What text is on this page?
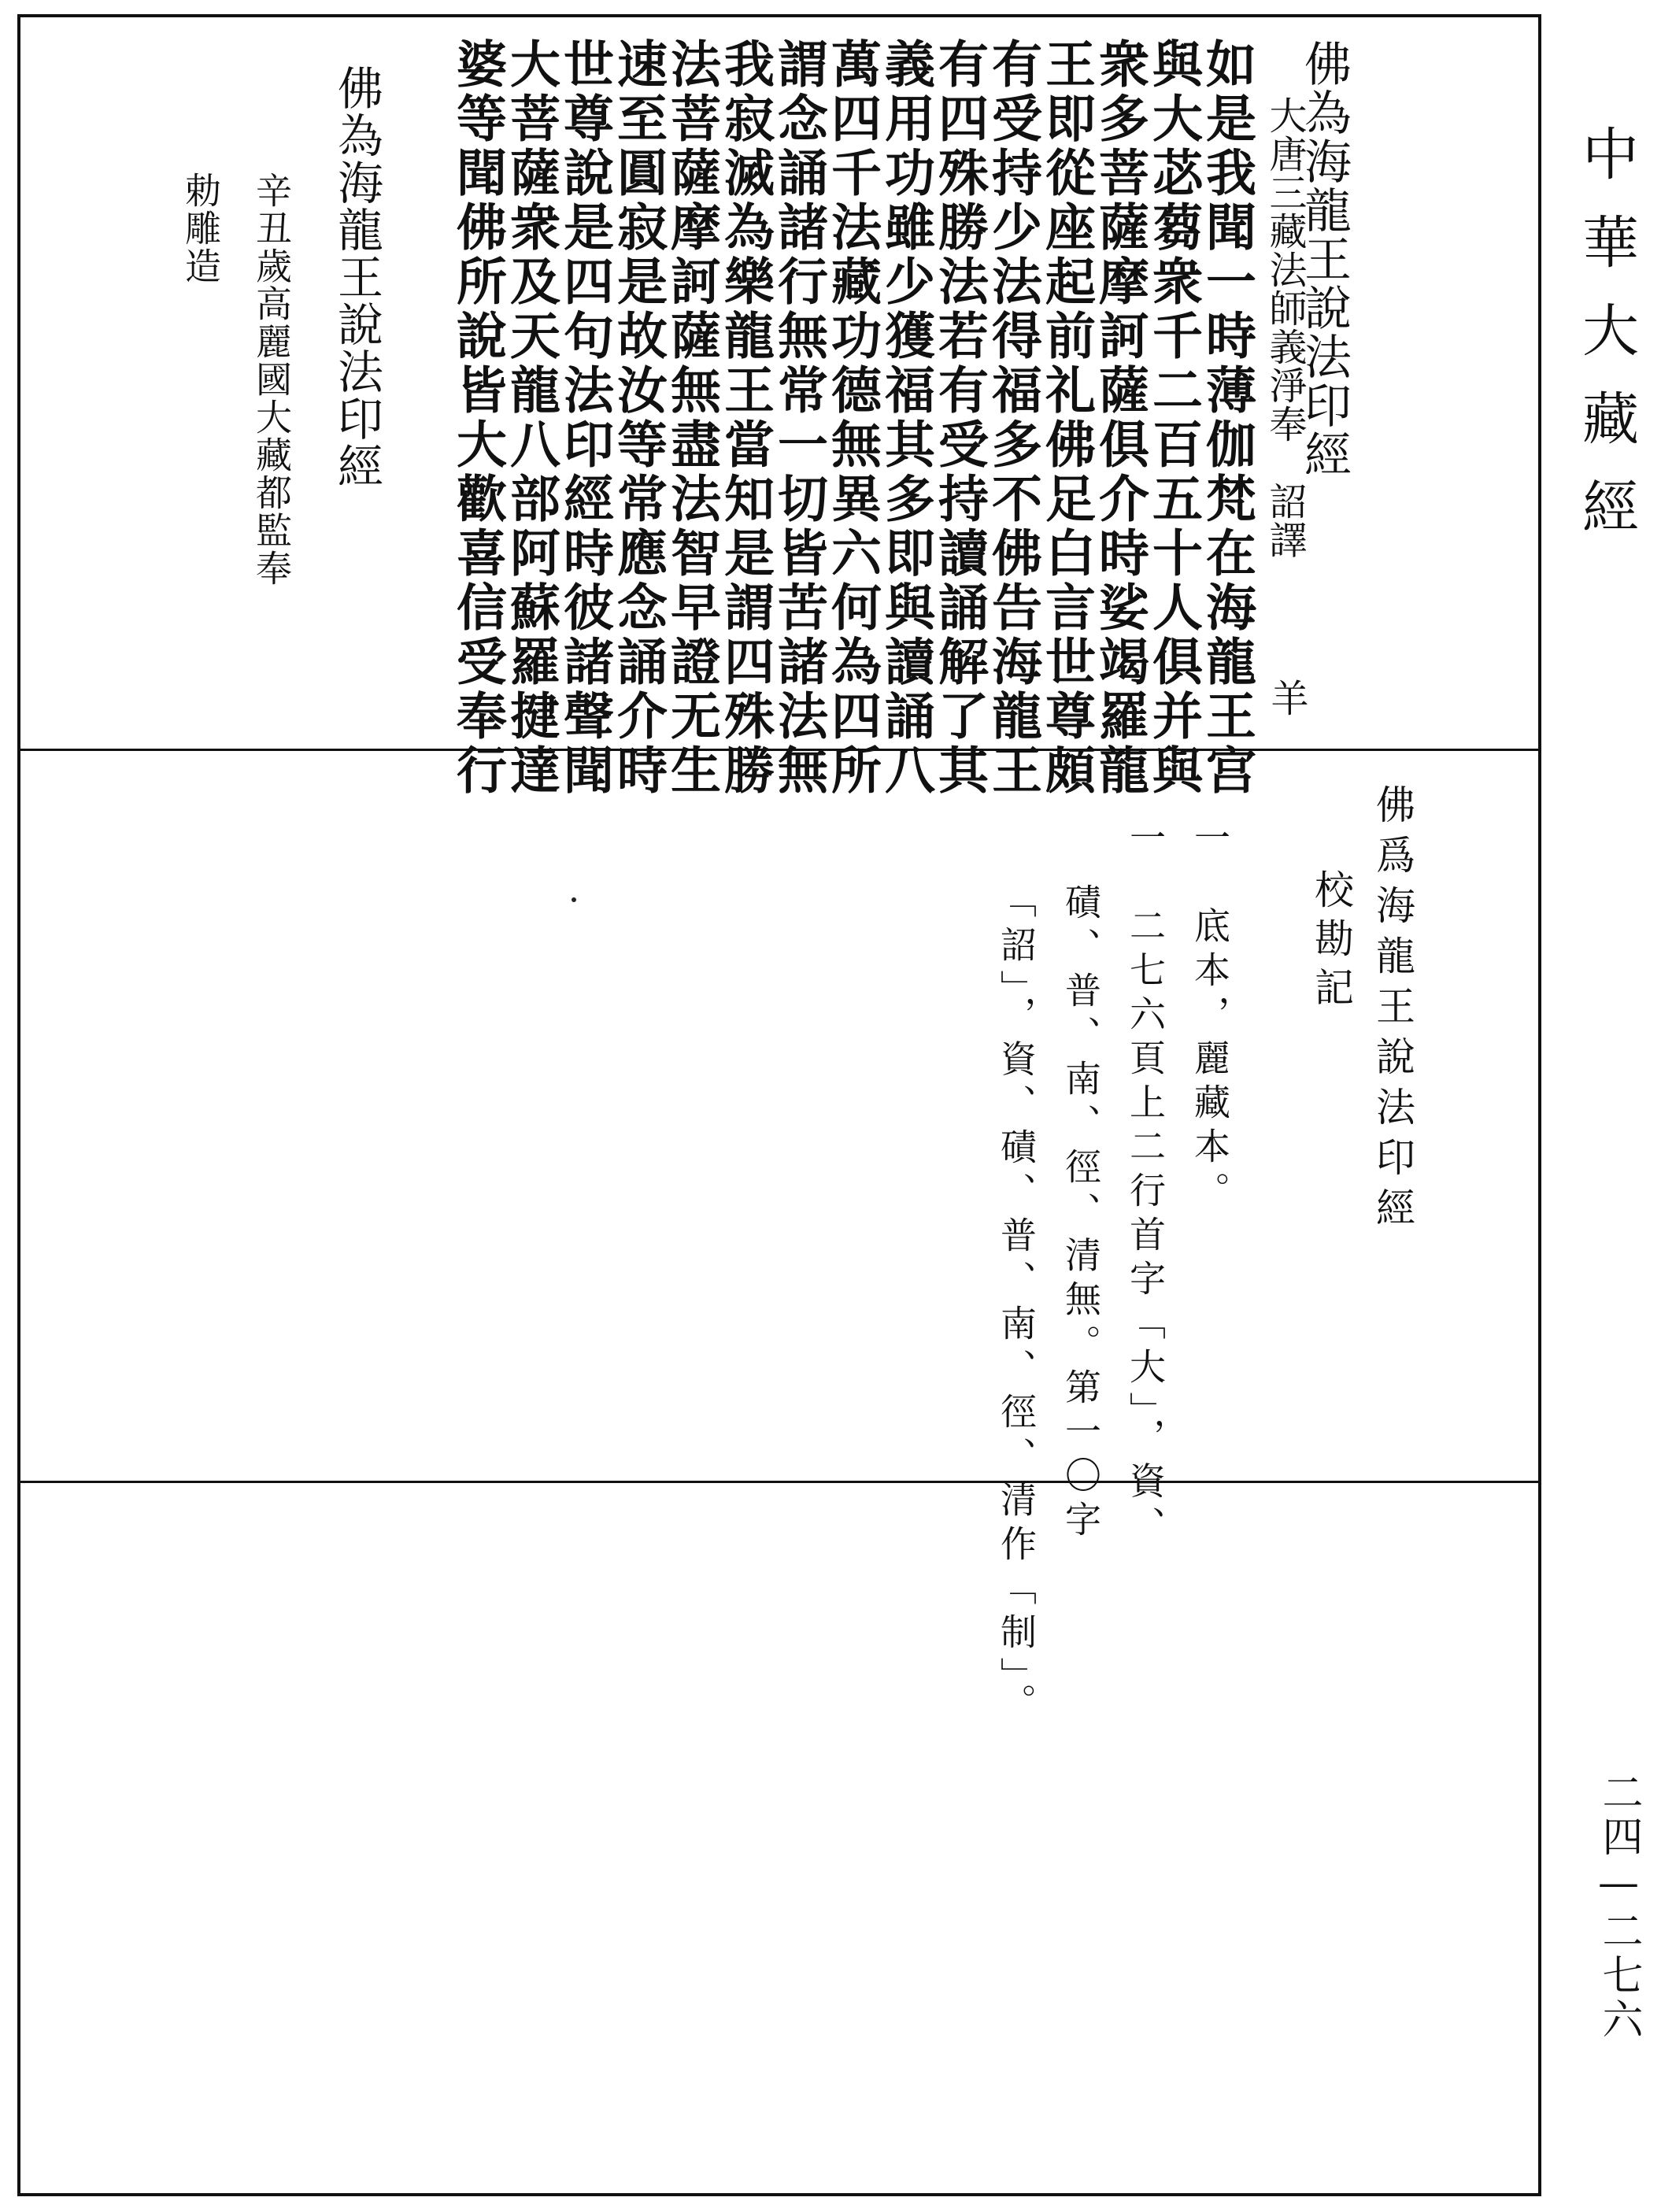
佛為海龍王說法印經
大唐三藏法師義淨奉　詔譯
羊
如是我聞一時薄伽梵在海龍王宫
與大苾蒭衆千二百五十人俱并與
衆多菩薩摩訶薩俱介時娑竭羅龍
王即從座起前礼佛足白言世尊頗
有受持少法得福多不佛告海龍王
有四殊勝法若有受持讀誦解了其
義用功雖少獲福其多即與讀誦八
萬四千法藏功德無異六何為四所
謂念誦諸行無常一切皆苦諸法無
我寂滅為樂龍王當知是謂四殊勝
法菩薩摩訶薩無盡法智早證无生
速至圓寂是故汝等常應念誦介時
世尊說是四句法印經時彼諸聲聞
大菩薩衆及天龍八部阿蘇羅揵達
婆等聞佛所說皆大歡喜信受奉行
佛為海龍王說法印經
辛丑歲高麗國大藏都監奉
勅雕造
佛爲海龍王說法印經
校勘記
一　底本，麗藏本。
一　二七六頁上二行首字「大」，資、
磧、普、南、徑、清無。第一〇字
「詔」，資、磧、普、南、徑、清作「制」。
中華大藏經
二四—二七六
